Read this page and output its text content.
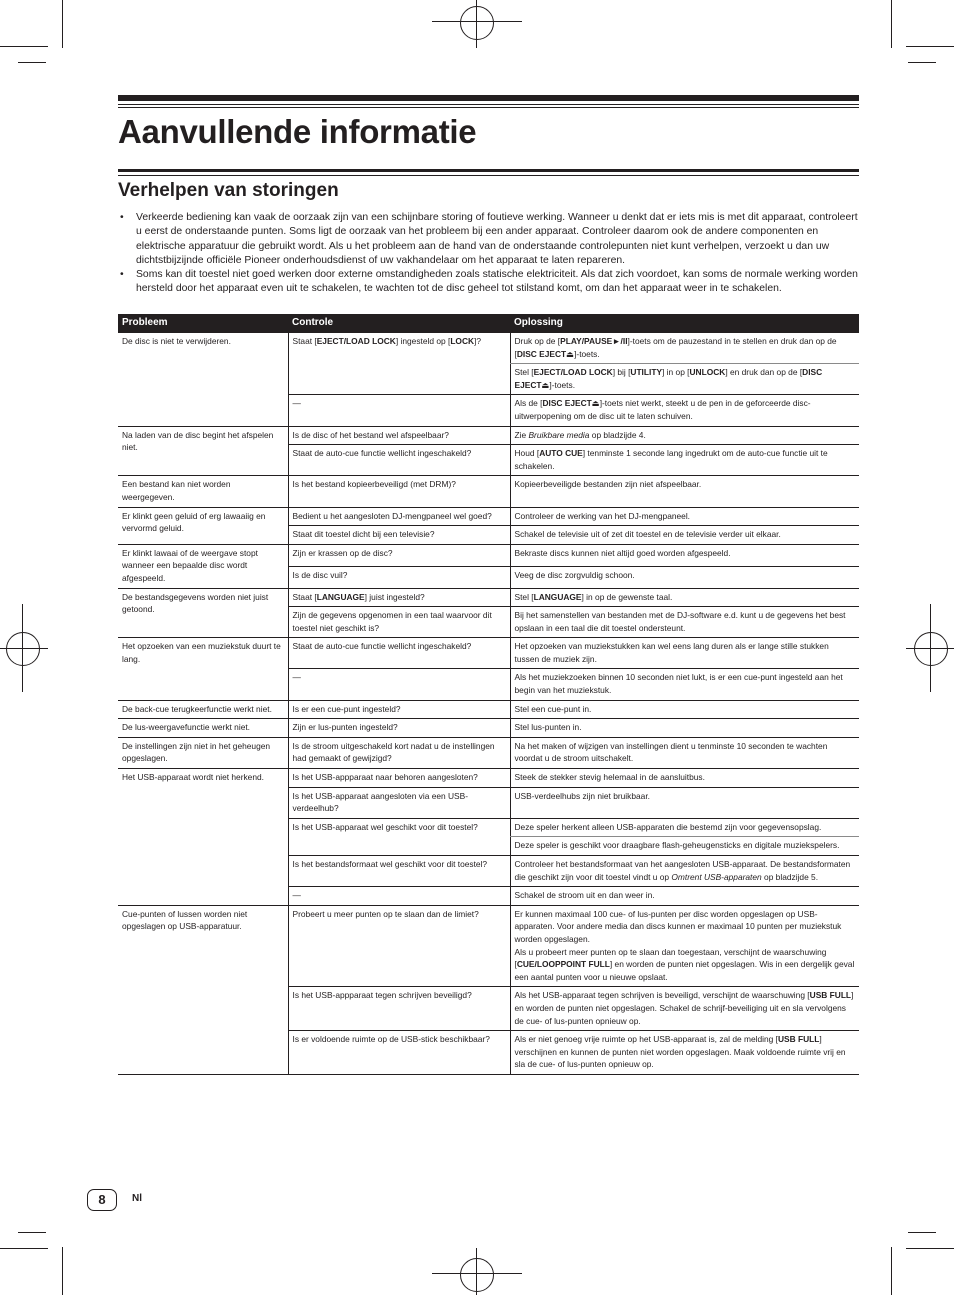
Aanvullende informatie
Verhelpen van storingen
• Verkeerde bediening kan vaak de oorzaak zijn van een schijnbare storing of foutieve werking. Wanneer u denkt dat er iets mis is met dit apparaat, controleert u eerst de onderstaande punten. Soms ligt de oorzaak van het probleem bij een ander apparaat. Controleer daarom ook de andere componenten en elektrische apparatuur die gebruikt wordt. Als u het probleem aan de hand van de onderstaande controlepunten niet kunt verhelpen, verzoekt u dan uw dichtstbijzijnde officiële Pioneer onderhoudsdienst of uw vakhandelaar om het apparaat te laten repareren.
• Soms kan dit toestel niet goed werken door externe omstandigheden zoals statische elektriciteit. Als dat zich voordoet, kan soms de normale werking worden hersteld door het apparaat even uit te schakelen, te wachten tot de disc geheel tot stilstand komt, om dan het apparaat weer in te schakelen.
Probleem	Controle	Oplossing
De disc is niet te verwijderen.	Staat [EJECT/LOAD LOCK] ingesteld op [LOCK]?	Druk op de [PLAY/PAUSE►/II]-toets om de pauzestand in te stellen en druk dan op de [DISC EJECT⏏]-toets.
		Stel [EJECT/LOAD LOCK] bij [UTILITY] in op [UNLOCK] en druk dan op de [DISC EJECT⏏]-toets.
	—	Als de [DISC EJECT⏏]-toets niet werkt, steekt u de pen in de geforceerde disc-uitwerpopening om de disc uit te laten schuiven.
Na laden van de disc begint het afspelen niet.	Is de disc of het bestand wel afspeelbaar?	Zie Bruikbare media op bladzijde 4.
	Staat de auto-cue functie wellicht ingeschakeld?	Houd [AUTO CUE] tenminste 1 seconde lang ingedrukt om de auto-cue functie uit te schakelen.
Een bestand kan niet worden weergegeven.	Is het bestand kopieerbeveiligd (met DRM)?	Kopieerbeveiligde bestanden zijn niet afspeelbaar.
Er klinkt geen geluid of erg lawaaiig en vervormd geluid.	Bedient u het aangesloten DJ-mengpaneel wel goed?	Controleer de werking van het DJ-mengpaneel.
	Staat dit toestel dicht bij een televisie?	Schakel de televisie uit of zet dit toestel en de televisie verder uit elkaar.
Er klinkt lawaai of de weergave stopt wanneer een bepaalde disc wordt afgespeeld.	Zijn er krassen op de disc?	Bekraste discs kunnen niet altijd goed worden afgespeeld.
	Is de disc vuil?	Veeg de disc zorgvuldig schoon.
De bestandsgegevens worden niet juist getoond.	Staat [LANGUAGE] juist ingesteld?	Stel [LANGUAGE] in op de gewenste taal.
	Zijn de gegevens opgenomen in een taal waarvoor dit toestel niet geschikt is?	Bij het samenstellen van bestanden met de DJ-software e.d. kunt u de gegevens het best opslaan in een taal die dit toestel ondersteunt.
Het opzoeken van een muziekstuk duurt te lang.	Staat de auto-cue functie wellicht ingeschakeld?	Het opzoeken van muziekstukken kan wel eens lang duren als er lange stille stukken tussen de muziek zijn.
	—	Als het muziekzoeken binnen 10 seconden niet lukt, is er een cue-punt ingesteld aan het begin van het muziekstuk.
De back-cue terugkeerfunctie werkt niet.	Is er een cue-punt ingesteld?	Stel een cue-punt in.
De lus-weergavefunctie werkt niet.	Zijn er lus-punten ingesteld?	Stel lus-punten in.
De instellingen zijn niet in het geheugen opgeslagen.	Is de stroom uitgeschakeld kort nadat u de instellingen had gemaakt of gewijzigd?	Na het maken of wijzigen van instellingen dient u tenminste 10 seconden te wachten voordat u de stroom uitschakelt.
Het USB-apparaat wordt niet herkend.	Is het USB-appparaat naar behoren aangesloten?	Steek de stekker stevig helemaal in de aansluitbus.
	Is het USB-apparaat aangesloten via een USB-verdeelhub?	USB-verdeelhubs zijn niet bruikbaar.
	Is het USB-apparaat wel geschikt voor dit toestel?	Deze speler herkent alleen USB-apparaten die bestemd zijn voor gegevensopslag.
		Deze speler is geschikt voor draagbare flash-geheugensticks en digitale muziekspelers.
	Is het bestandsformaat wel geschikt voor dit toestel?	Controleer het bestandsformaat van het aangesloten USB-apparaat. De bestandsformaten die geschikt zijn voor dit toestel vindt u op Omtrent USB-apparaten op bladzijde 5.
	—	Schakel de stroom uit en dan weer in.
Cue-punten of lussen worden niet opgeslagen op USB-apparatuur.	Probeert u meer punten op te slaan dan de limiet?	Er kunnen maximaal 100 cue- of lus-punten per disc worden opgeslagen op USB-apparaten. Voor andere media dan discs kunnen er maximaal 10 punten per muziekstuk worden opgeslagen.
Als u probeert meer punten op te slaan dan toegestaan, verschijnt de waarschuwing [CUE/LOOPPOINT FULL] en worden de punten niet opgeslagen. Wis in een dergelijk geval een aantal punten voor u nieuwe opslaat.

	Is het USB-appparaat tegen schrijven beveiligd?	Als het USB-apparaat tegen schrijven is beveiligd, verschijnt de waarschuwing [USB FULL] en worden de punten niet opgeslagen. Schakel de schrijf-beveiliging uit en sla vervolgens de cue- of lus-punten opnieuw op.
	Is er voldoende ruimte op de USB-stick beschikbaar?	Als er niet genoeg vrije ruimte op het USB-apparaat is, zal de melding [USB FULL] verschijnen en kunnen de punten niet worden opgeslagen. Maak voldoende ruimte vrij en sla de cue- of lus-punten opnieuw op.
8	Nl
